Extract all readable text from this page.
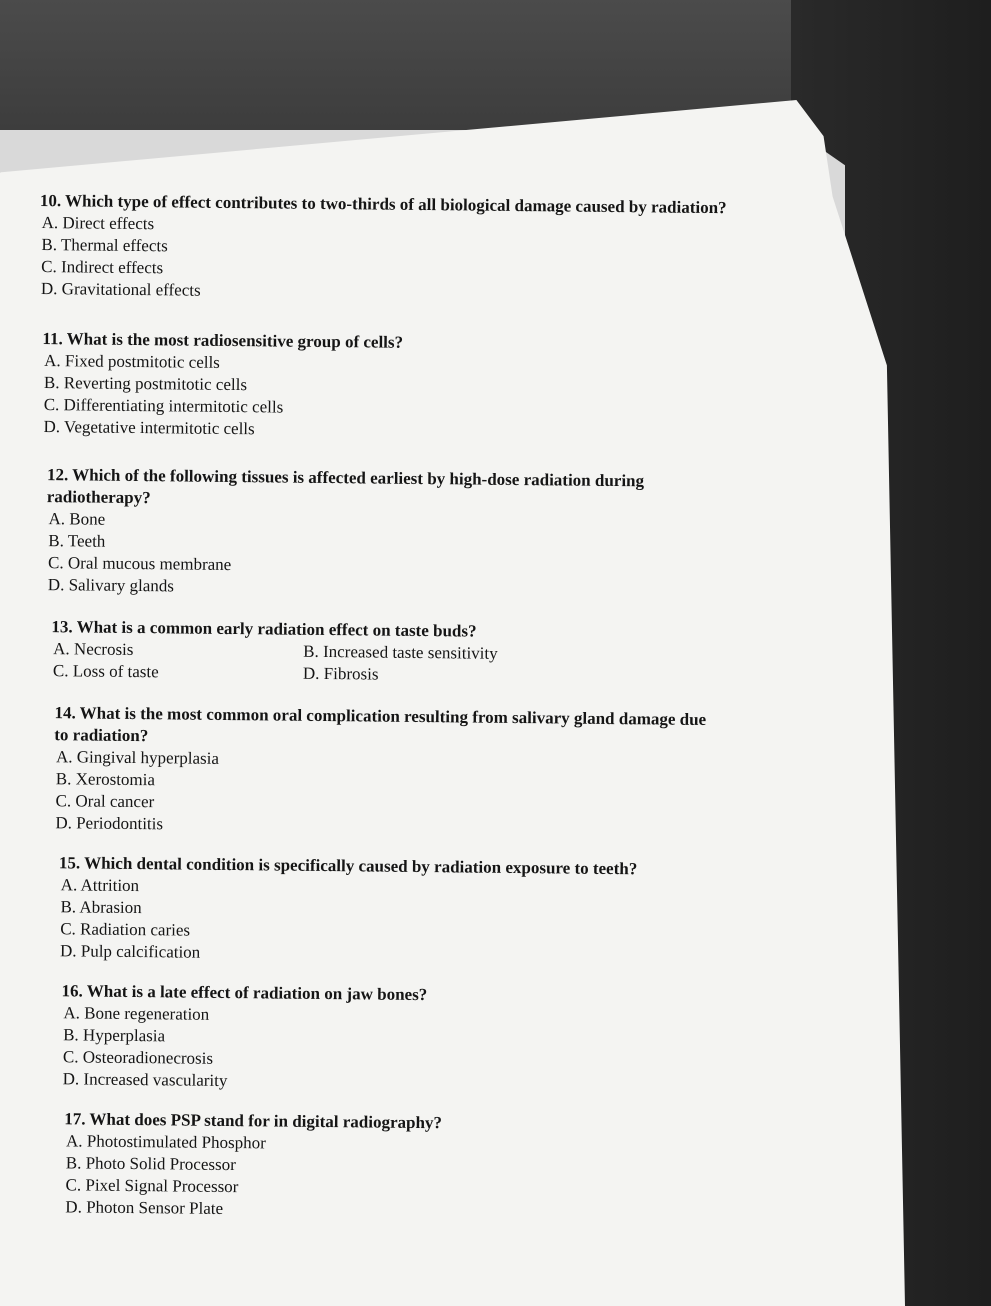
10. Which type of effect contributes to two-thirds of all biological damage caused by radiation?

A. Direct effects
B. Thermal effects
C. Indirect effects
D. Gravitational effects

11. What is the most radiosensitive group of cells?

A. Fixed postmitotic cells
B. Reverting postmitotic cells
C. Differentiating intermitotic cells
D. Vegetative intermitotic cells

12. Which of the following tissues is affected earliest by high-dose radiation during radiotherapy?

A. Bone
B. Teeth
C. Oral mucous membrane
D. Salivary glands

13. What is a common early radiation effect on taste buds?

A. Necrosis	B. Increased taste sensitivity
C. Loss of taste	D. Fibrosis

14. What is the most common oral complication resulting from salivary gland damage due to radiation?

A. Gingival hyperplasia
B. Xerostomia
C. Oral cancer
D. Periodontitis

15. Which dental condition is specifically caused by radiation exposure to teeth?

A. Attrition
B. Abrasion
C. Radiation caries
D. Pulp calcification

16. What is a late effect of radiation on jaw bones?

A. Bone regeneration
B. Hyperplasia
C. Osteoradionecrosis
D. Increased vascularity

17. What does PSP stand for in digital radiography?

A. Photostimulated Phosphor
B. Photo Solid Processor
C. Pixel Signal Processor
D. Photon Sensor Plate
